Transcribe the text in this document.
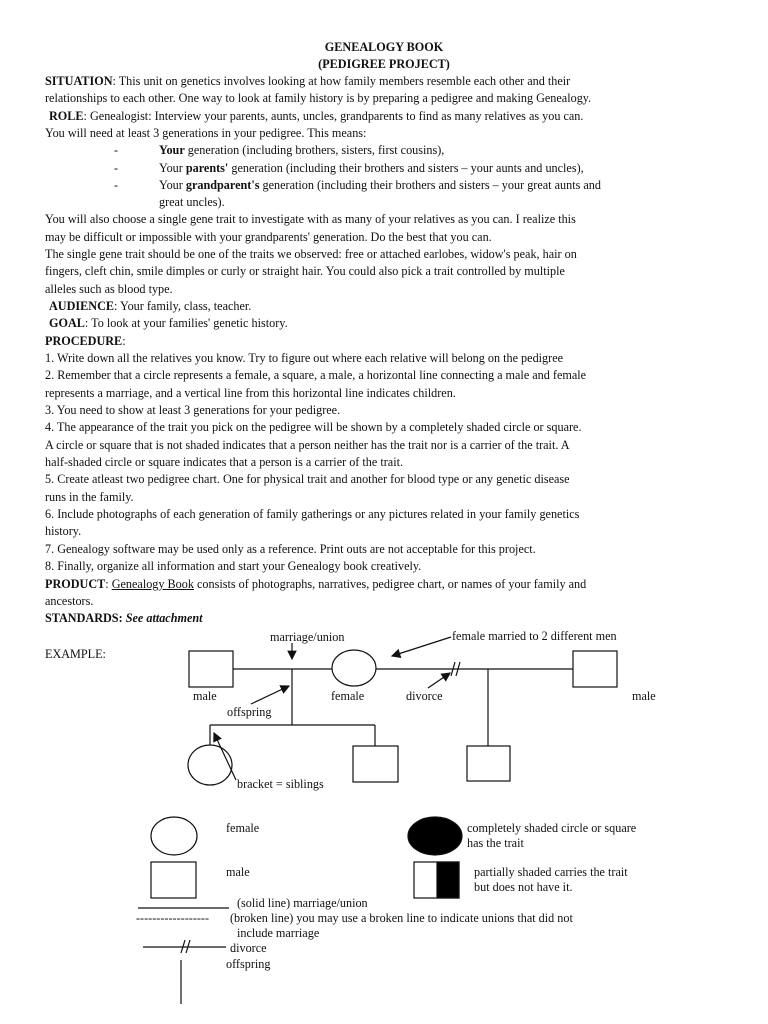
GENEALOGY BOOK
(PEDIGREE PROJECT)
SITUATION: This unit on genetics involves looking at how family members resemble each other and their
relationships to each other. One way to look at family history is by preparing a pedigree and making Genealogy.
ROLE: Genealogist: Interview your parents, aunts, uncles, grandparents to find as many relatives as you can.
You will need at least 3 generations in your pedigree. This means:
-	Your generation (including brothers, sisters, first cousins),
-	Your parents' generation (including their brothers and sisters – your aunts and uncles),
-	Your grandparent's generation (including their brothers and sisters – your great aunts and
great uncles).
You will also choose a single gene trait to investigate with as many of your relatives as you can. I realize this
may be difficult or impossible with your grandparents' generation. Do the best that you can.
The single gene trait should be one of the traits we observed: free or attached earlobes, widow's peak, hair on
fingers, cleft chin, smile dimples or curly or straight hair. You could also pick a trait controlled by multiple
alleles such as blood type.
AUDIENCE: Your family, class, teacher.
GOAL: To look at your families' genetic history.
PROCEDURE:
1. Write down all the relatives you know. Try to figure out where each relative will belong on the pedigree
2. Remember that a circle represents a female, a square, a male, a horizontal line connecting a male and female
represents a marriage, and a vertical line from this horizontal line indicates children.
3. You need to show at least 3 generations for your pedigree.
4. The appearance of the trait you pick on the pedigree will be shown by a completely shaded circle or square.
A circle or square that is not shaded indicates that a person neither has the trait nor is a carrier of the trait. A
half-shaded circle or square indicates that a person is a carrier of the trait.
5. Create atleast two pedigree chart. One for physical trait and another for blood type or any genetic disease
runs in the family.
6. Include photographs of each generation of family gatherings or any pictures related in your family genetics
history.
7. Genealogy software may be used only as a reference. Print outs are not acceptable for this project.
8. Finally, organize all information and start your Genealogy book creatively.
PRODUCT: Genealogy Book consists of photographs, narratives, pedigree chart, or names of your family and
ancestors.
STANDARDS: See attachment
EXAMPLE:
marriage/union	female married to 2 different men
male	female	divorce	male
offspring
bracket = siblings
female	completely shaded circle or square
has the trait
male	partially shaded carries the trait
but does not have it.
(solid line) marriage/union
------------------ (broken line) you may use a broken line to indicate unions that did not
include marriage
divorce
offspring
